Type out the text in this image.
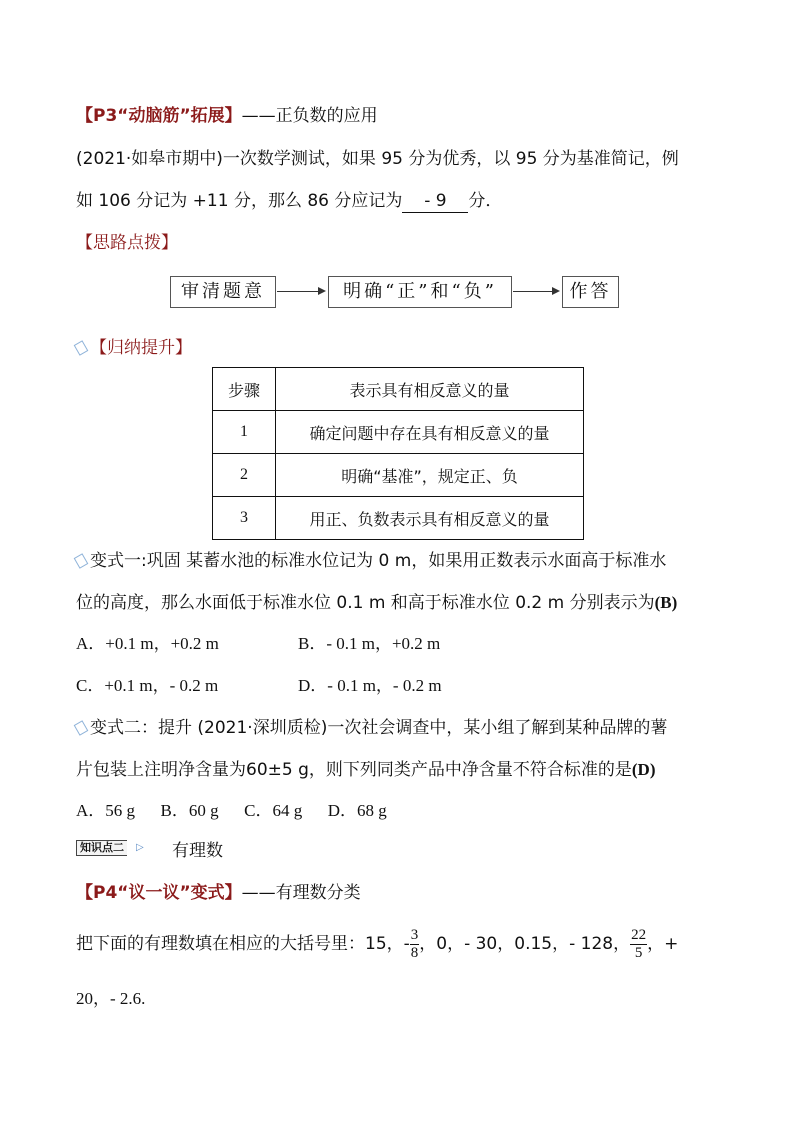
【P3“动脑筋”拓展】——正负数的应用
(2021·如皋市期中)一次数学测试，如果 95 分为优秀，以 95 分为基准简记，例
如 106 分记为 +11 分，那么 86 分应记为 - 9 分．
【思路点拨】
审清题意	明确“正”和“负”	作答
【归纳提升】
步骤	表示具有相反意义的量
1	确定问题中存在具有相反意义的量
2	明确“基准”，规定正、负
3	用正、负数表示具有相反意义的量
变式一:巩固 某蓄水池的标准水位记为 0 m，如果用正数表示水面高于标准水
位的高度，那么水面低于标准水位 0.1 m 和高于标准水位 0.2 m 分别表示为(B)
A．+0.1 m，+0.2 m	B．- 0.1 m，+0.2 m
C．+0.1 m，- 0.2 m	D．- 0.1 m，- 0.2 m
变式二：提升 (2021·深圳质检)一次社会调查中，某小组了解到某种品牌的薯
片包装上注明净含量为60±5 g，则下列同类产品中净含量不符合标准的是(D)
A．56 g      B．60 g      C．64 g      D．68 g
知识点二	▷ 有理数
【P4“议一议”变式】——有理数分类
把下面的有理数填在相应的大括号里：15，- $\frac{3}{8}$ ，0，- 30，0.15，- 128， $\frac{22}{5}$ ，+
20，- 2.6.
